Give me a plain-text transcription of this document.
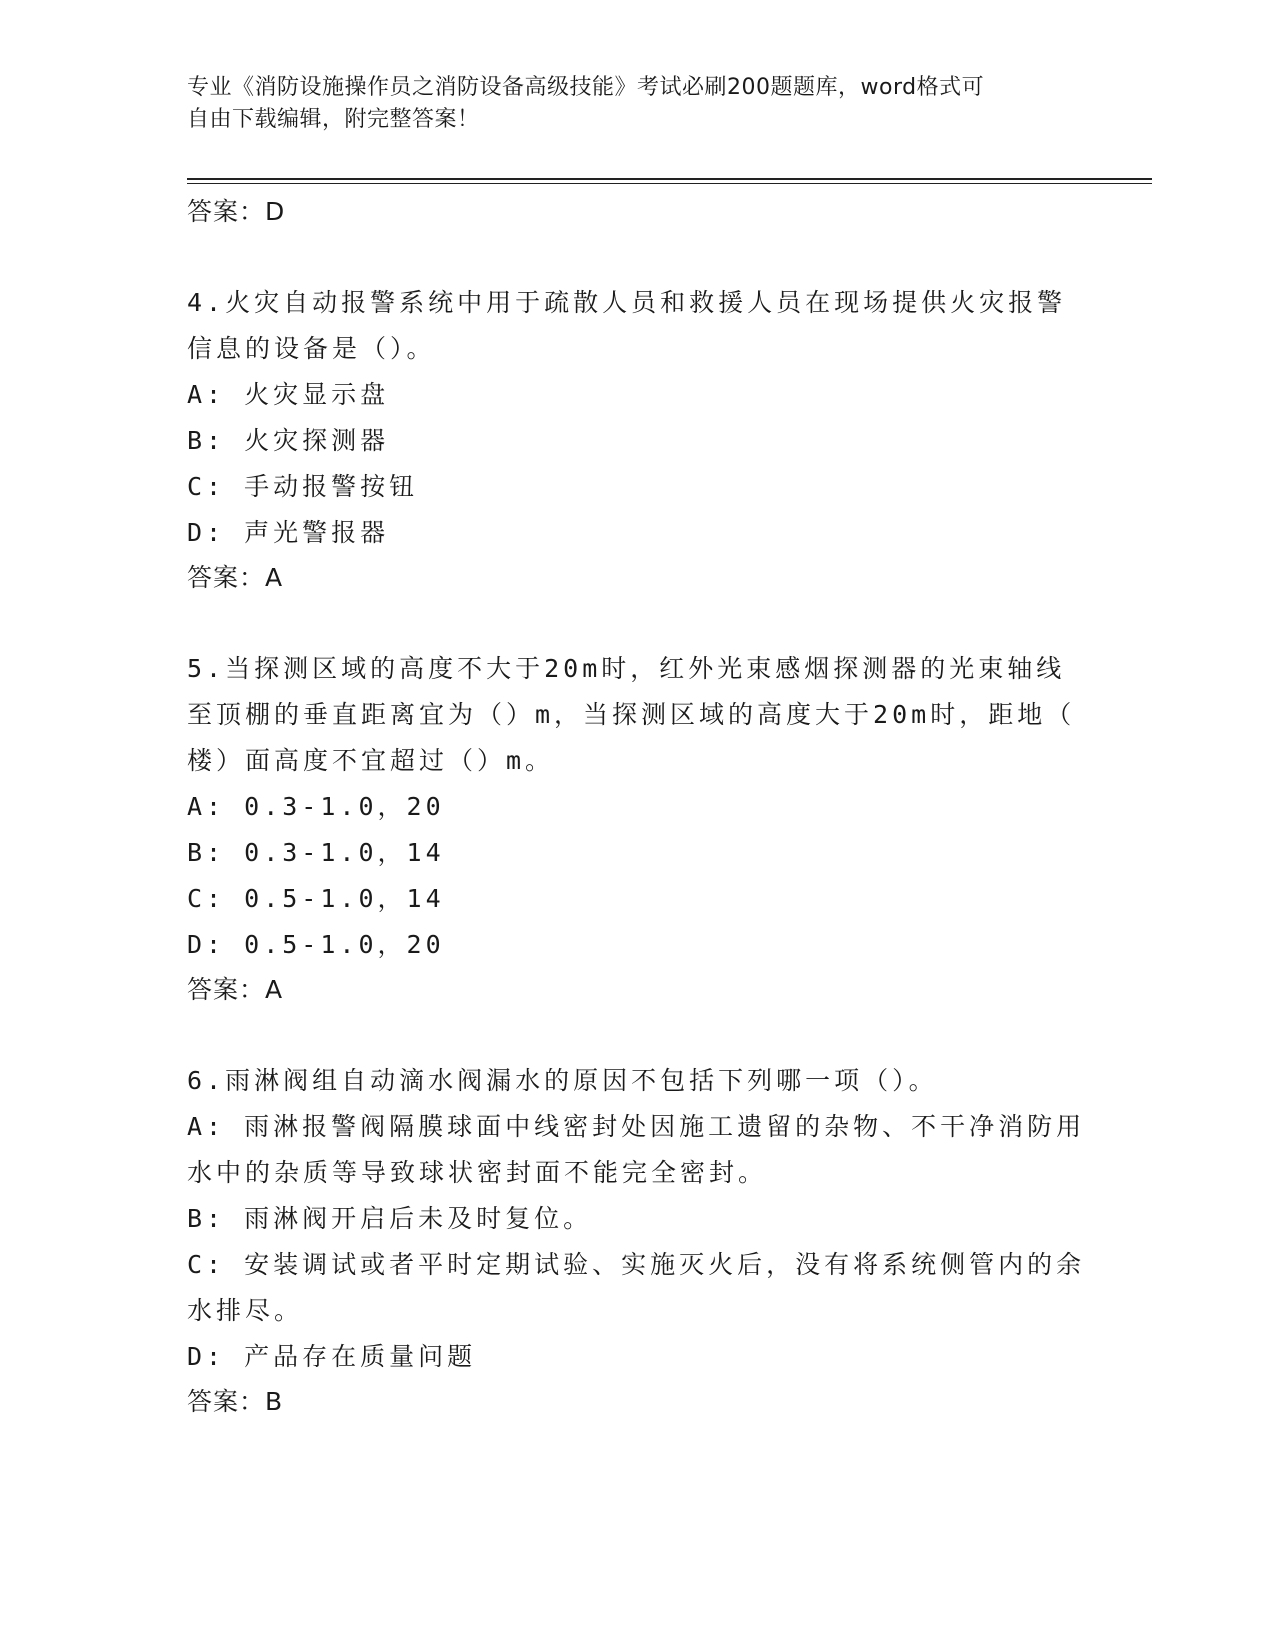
专业《消防设施操作员之消防设备高级技能》考试必刷200题题库，word格式可
自由下载编辑，附完整答案！
答案：D

4.火灾自动报警系统中用于疏散人员和救援人员在现场提供火灾报警

信息的设备是（）。

A: 火灾显示盘

B: 火灾探测器

C: 手动报警按钮

D: 声光警报器

答案：A

5.当探测区域的高度不大于20m时，红外光束感烟探测器的光束轴线

至顶棚的垂直距离宜为（）m，当探测区域的高度大于20m时，距地（

楼）面高度不宜超过（）m。

A: 0.3-1.0，20

B: 0.3-1.0，14

C: 0.5-1.0，14

D: 0.5-1.0，20

答案：A

6.雨淋阀组自动滴水阀漏水的原因不包括下列哪一项（）。

A: 雨淋报警阀隔膜球面中线密封处因施工遗留的杂物、不干净消防用

水中的杂质等导致球状密封面不能完全密封。

B: 雨淋阀开启后未及时复位。

C: 安装调试或者平时定期试验、实施灭火后，没有将系统侧管内的余

水排尽。

D: 产品存在质量问题

答案：B
